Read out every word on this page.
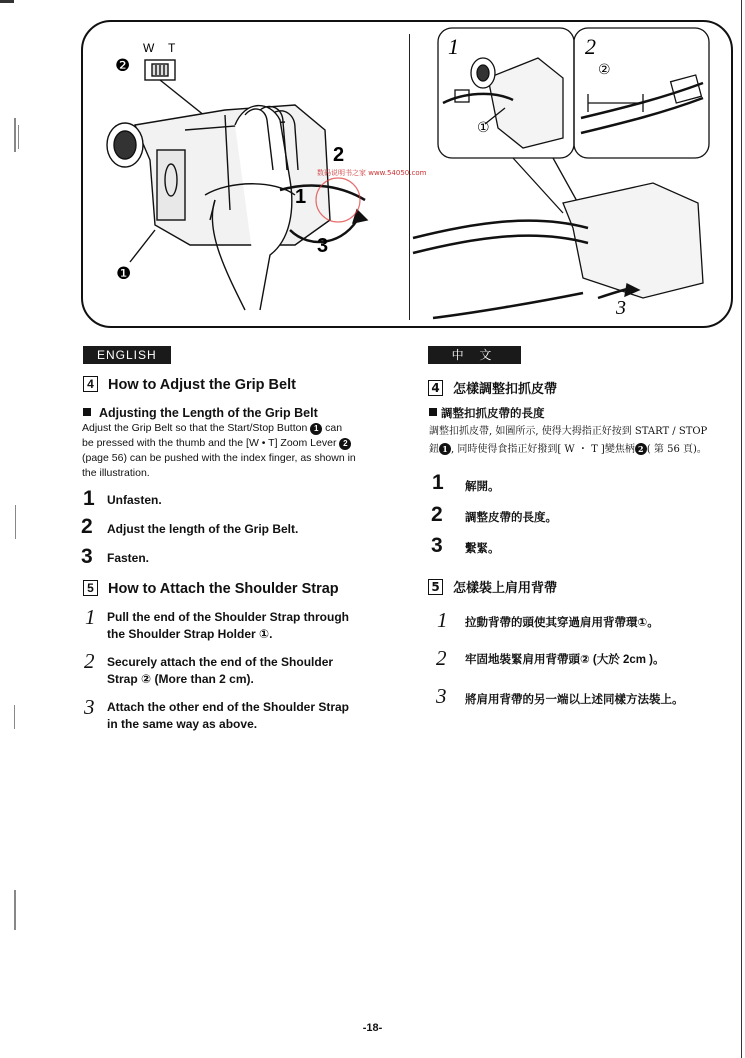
数码说明书之家 www.54050.com
W T
❷
❶
2
1
3
1	2
②
①
3
ENGLISH
4 How to Adjust the Grip Belt
Adjusting the Length of the Grip Belt
Adjust the Grip Belt so that the Start/Stop Button 1 can
be pressed with the thumb and the [W • T] Zoom Lever 2
(page 56) can be pushed with the index finger, as shown in
the illustration.
1 Unfasten.
2 Adjust the length of the Grip Belt.
3 Fasten.
5 How to Attach the Shoulder Strap
1 Pull the end of the Shoulder Strap through
the Shoulder Strap Holder ①.
2 Securely attach the end of the Shoulder
Strap ② (More than 2 cm).
3 Attach the other end of the Shoulder Strap
in the same way as above.
中 文
4 怎樣調整扣抓皮帶
調整扣抓皮帶的長度
調整扣抓皮帶, 如圖所示, 使得大拇指正好按到 START / STOP
鈕 1 , 同時使得食指正好撥到[ W ・ T ]變焦柄 2 ( 第 56 頁)。
1 解開。
2 調整皮帶的長度。
3 繫緊。
5 怎樣裝上肩用背帶
1 拉動背帶的頭使其穿過肩用背帶環①。
2 牢固地裝緊肩用背帶頭② (大於 2cm )。
3 將肩用背帶的另一端以上述同樣方法裝上。
-18-
